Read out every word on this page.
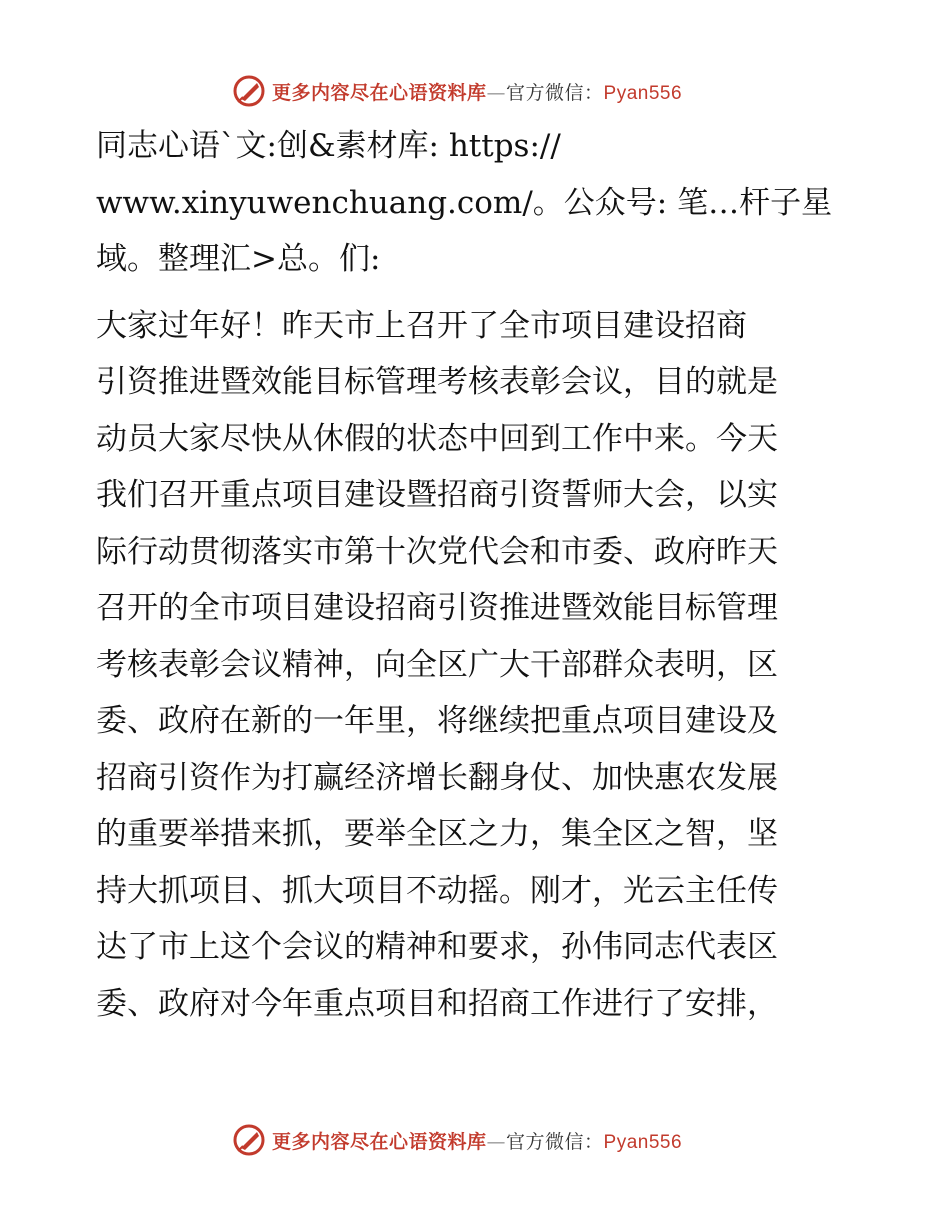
更多内容尽在心语资料库—官方微信：Pyan556

同志心语`文:创&素材库: https://

www.xinyuwenchuang.com/。公众号: 笔…杆子星

域。整理汇>总。们:

大家过年好！昨天市上召开了全市项目建设招商

引资推进暨效能目标管理考核表彰会议，目的就是

动员大家尽快从休假的状态中回到工作中来。今天

我们召开重点项目建设暨招商引资誓师大会，以实

际行动贯彻落实市第十次党代会和市委、政府昨天

召开的全市项目建设招商引资推进暨效能目标管理

考核表彰会议精神，向全区广大干部群众表明，区

委、政府在新的一年里，将继续把重点项目建设及

招商引资作为打赢经济增长翻身仗、加快惠农发展

的重要举措来抓，要举全区之力，集全区之智，坚

持大抓项目、抓大项目不动摇。刚才，光云主任传

达了市上这个会议的精神和要求，孙伟同志代表区

委、政府对今年重点项目和招商工作进行了安排，

更多内容尽在心语资料库—官方微信：Pyan556
